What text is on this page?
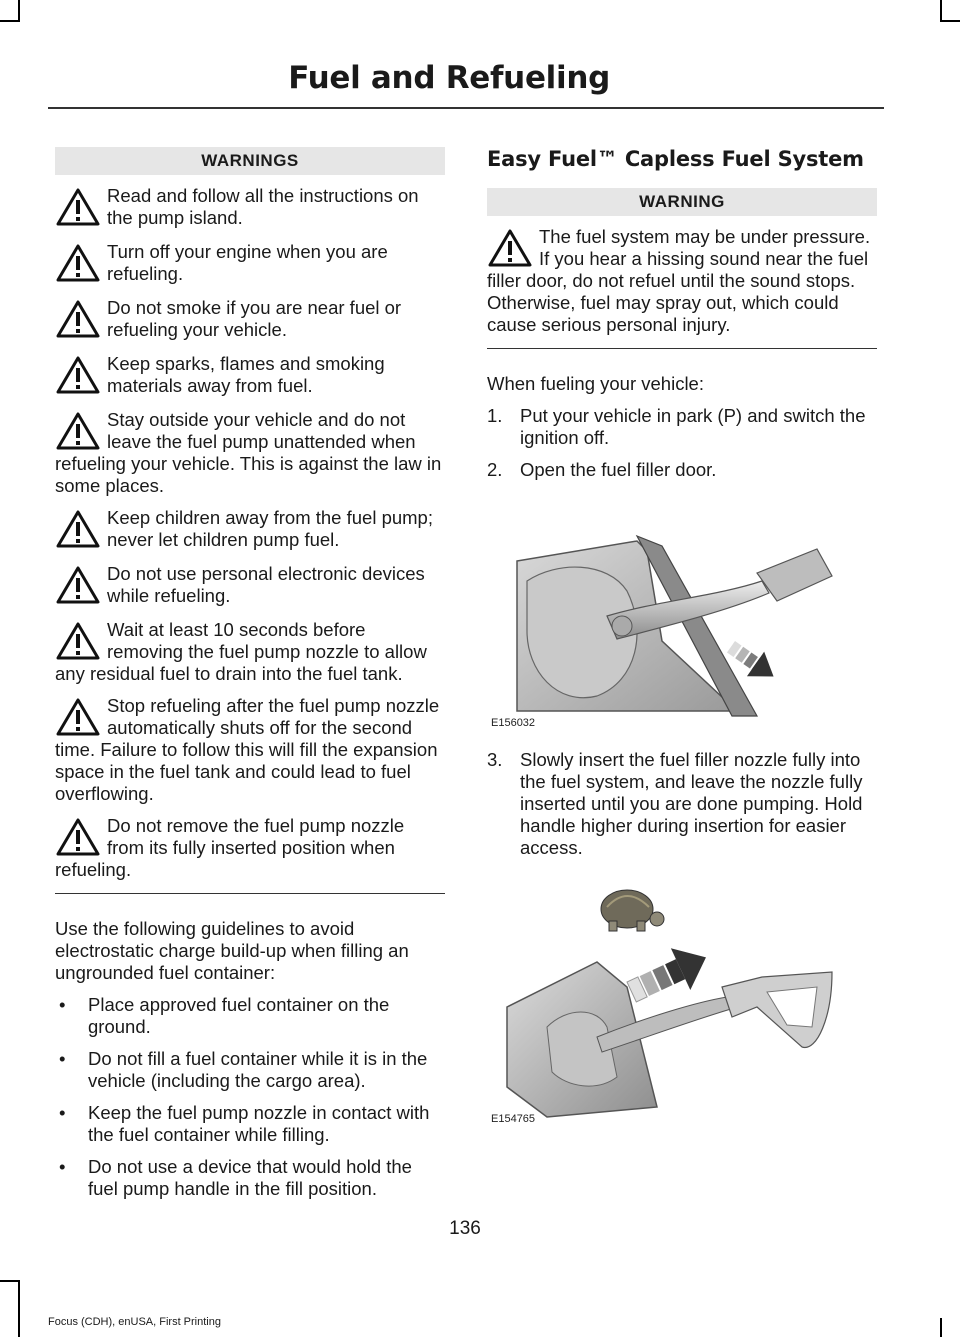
Fuel and Refueling
WARNINGS
Read and follow all the instructions on the pump island.
Turn off your engine when you are refueling.
Do not smoke if you are near fuel or refueling your vehicle.
Keep sparks, flames and smoking materials away from fuel.
Stay outside your vehicle and do not leave the fuel pump unattended when refueling your vehicle. This is against the law in some places.
Keep children away from the fuel pump; never let children pump fuel.
Do not use personal electronic devices while refueling.
Wait at least 10 seconds before removing the fuel pump nozzle to allow any residual fuel to drain into the fuel tank.
Stop refueling after the fuel pump nozzle automatically shuts off for the second time. Failure to follow this will fill the expansion space in the fuel tank and could lead to fuel overflowing.
Do not remove the fuel pump nozzle from its fully inserted position when refueling.

Use the following guidelines to avoid electrostatic charge build-up when filling an ungrounded fuel container:

• Place approved fuel container on the ground.
• Do not fill a fuel container while it is in the vehicle (including the cargo area).
• Keep the fuel pump nozzle in contact with the fuel container while filling.
• Do not use a device that would hold the fuel pump handle in the fill position.
Easy Fuel™ Capless Fuel System
WARNING
The fuel system may be under pressure. If you hear a hissing sound near the fuel filler door, do not refuel until the sound stops. Otherwise, fuel may spray out, which could cause serious personal injury.

When fueling your vehicle:

1. Put your vehicle in park (P) and switch the ignition off.
2. Open the fuel filler door.
E156032
3. Slowly insert the fuel filler nozzle fully into the fuel system, and leave the nozzle fully inserted until you are done pumping. Hold handle higher during insertion for easier access.
E154765
136
Focus (CDH), enUSA, First Printing
